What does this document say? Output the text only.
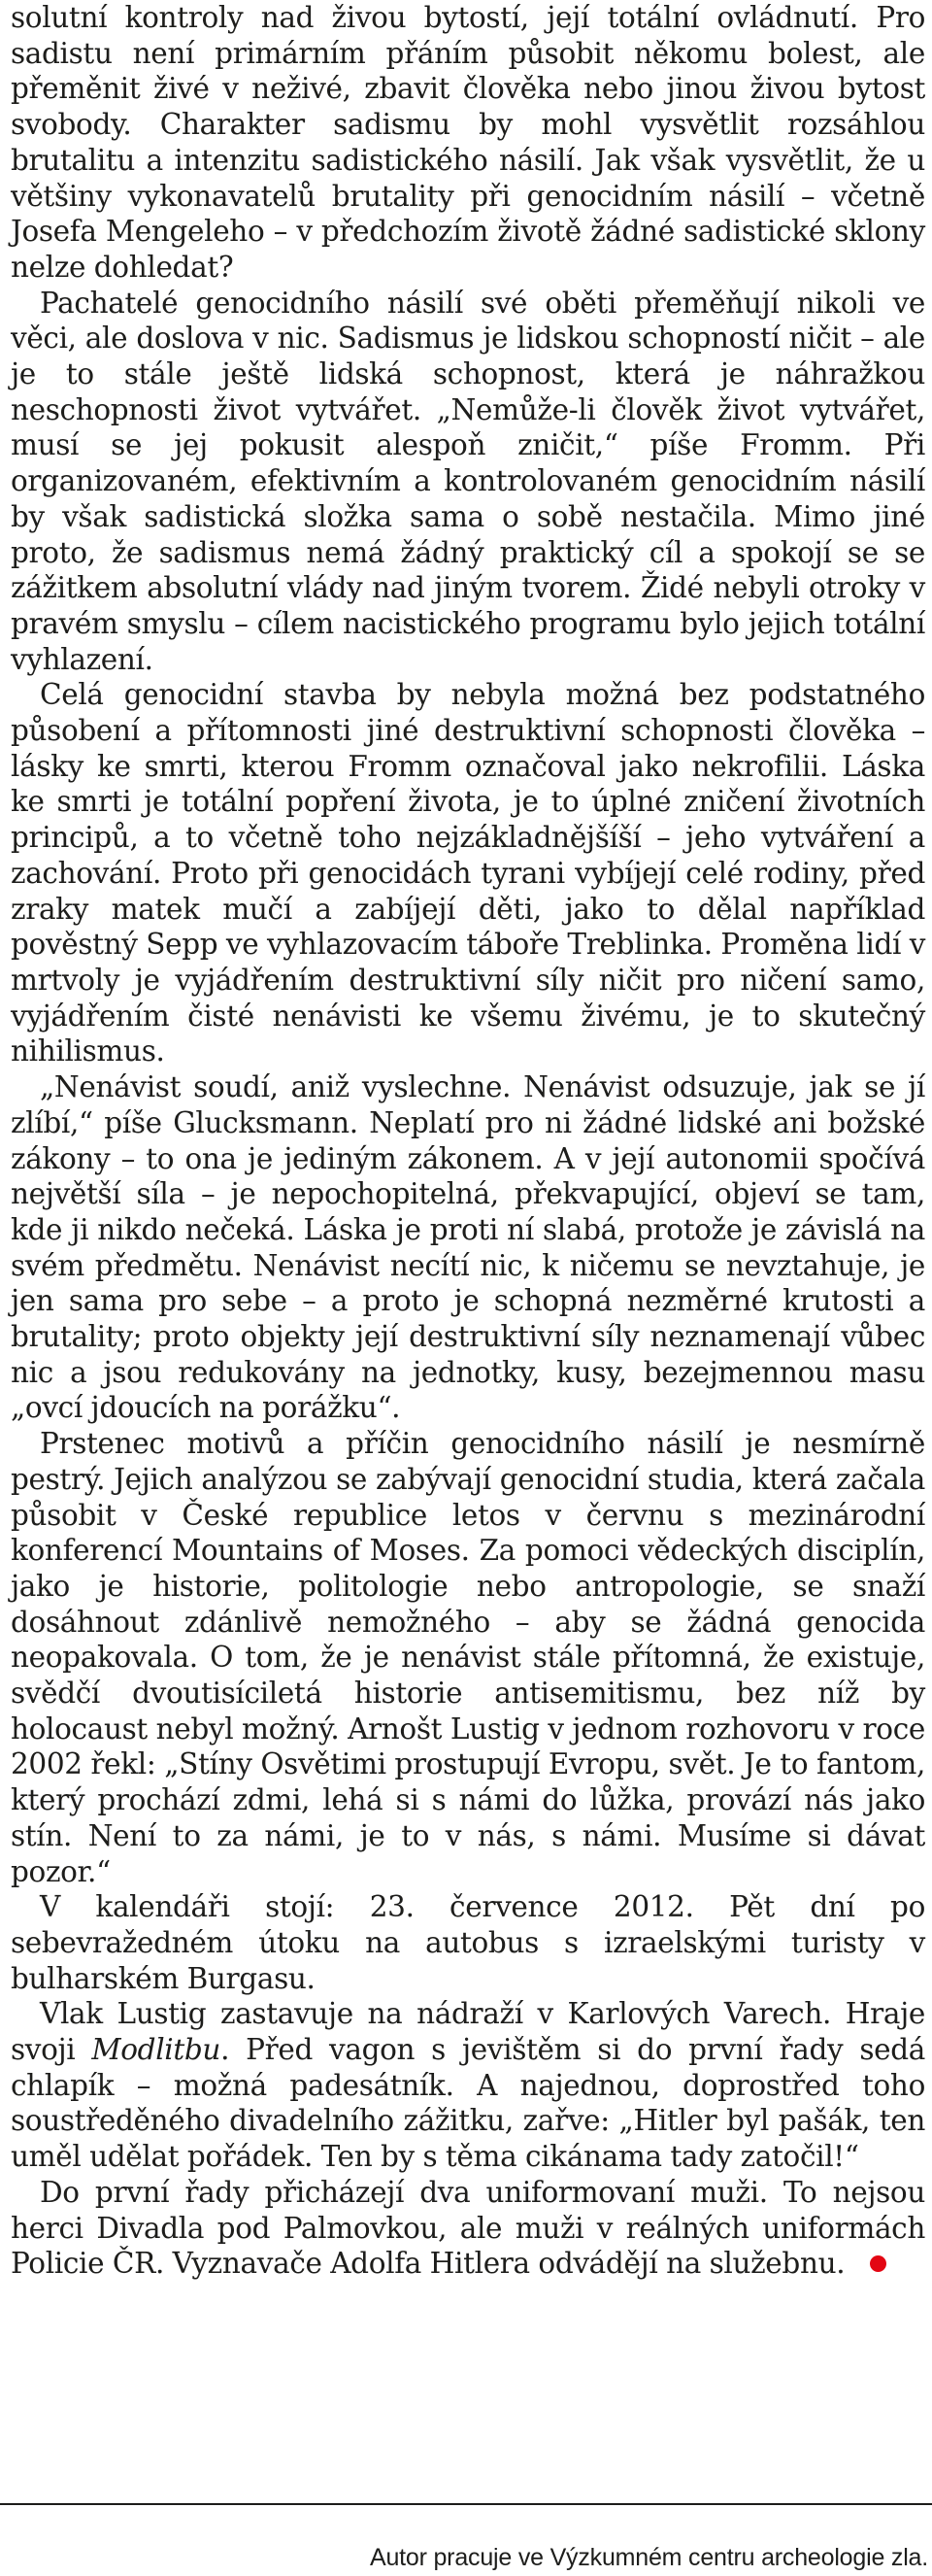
solutní kontroly nad živou bytostí, její totální ovládnutí. Pro sadistu není primárním přáním působit někomu bolest, ale přeměnit živé v neživé, zbavit člověka nebo jinou živou bytost svobody. Charakter sadismu by mohl vysvětlit rozsáhlou brutalitu a intenzitu sadistického násilí. Jak však vysvětlit, že u většiny vykonavatelů brutality při genocidním násilí – včetně Josefa Mengeleho – v předchozím životě žádné sadistické sklony nelze dohledat?

Pachatelé genocidního násilí své oběti přeměňují nikoli ve věci, ale doslova v nic. Sadismus je lidskou schopností ničit – ale je to stále ještě lidská schopnost, která je náhražkou neschopnosti život vytvářet. „Nemůže-li člověk život vytvářet, musí se jej pokusit alespoň zničit,“ píše Fromm. Při organizovaném, efektivním a kontrolovaném genocidním násilí by však sadistická složka sama o sobě nestačila. Mimo jiné proto, že sadismus nemá žádný praktický cíl a spokojí se se zážitkem absolutní vlády nad jiným tvorem. Židé nebyli otroky v pravém smyslu – cílem nacistického programu bylo jejich totální vyhlazení.

Celá genocidní stavba by nebyla možná bez podstatného působení a přítomnosti jiné destruktivní schopnosti člověka – lásky ke smrti, kterou Fromm označoval jako nekrofilii. Láska ke smrti je totální popření života, je to úplné zničení životních principů, a to včetně toho nejzákladnějšíší – jeho vytváření a zachování. Proto při genocidách tyrani vybíjejí celé rodiny, před zraky matek mučí a zabíjejí děti, jako to dělal například pověstný Sepp ve vyhlazovacím táboře Treblinka. Proměna lidí v mrtvoly je vyjádřením destruktivní síly ničit pro ničení samo, vyjádřením čisté nenávisti ke všemu živému, je to skutečný nihilismus.

„Nenávist soudí, aniž vyslechne. Nenávist odsuzuje, jak se jí zlíbí,“ píše Glucksmann. Neplatí pro ni žádné lidské ani božské zákony – to ona je jediným zákonem. A v její autonomii spočívá největší síla – je nepochopitelná, překvapující, objeví se tam, kde ji nikdo nečeká. Láska je proti ní slabá, protože je závislá na svém předmětu. Nenávist necítí nic, k ničemu se nevztahuje, je jen sama pro sebe – a proto je schopná nezměrné krutosti a brutality; proto objekty její destruktivní síly neznamenají vůbec nic a jsou redukovány na jednotky, kusy, bezejmennou masu „ovcí jdoucích na porážku“.

Prstenec motivů a příčin genocidního násilí je nesmírně pestrý. Jejich analýzou se zabývají genocidní studia, která začala působit v České republice letos v červnu s mezinárodní konferencí Mountains of Moses. Za pomoci vědeckých disciplín, jako je historie, politologie nebo antropologie, se snaží dosáhnout zdánlivě nemožného – aby se žádná genocida neopakovala. O tom, že je nenávist stále přítomná, že existuje, svědčí dvoutisíciletá historie antisemitismu, bez níž by holocaust nebyl možný. Arnošt Lustig v jednom rozhovoru v roce 2002 řekl: „Stíny Osvětimi prostupují Evropu, svět. Je to fantom, který prochází zdmi, lehá si s námi do lůžka, provází nás jako stín. Není to za námi, je to v nás, s námi. Musíme si dávat pozor.“

V kalendáři stojí: 23. července 2012. Pět dní po sebevražedném útoku na autobus s izraelskými turisty v bulharském Burgasu.

Vlak Lustig zastavuje na nádraží v Karlových Varech. Hraje svoji Modlitbu. Před vagon s jevištěm si do první řady sedá chlapík – možná padesátník. A najednou, doprostřed toho soustředěného divadelního zážitku, zařve: „Hitler byl pašák, ten uměl udělat pořádek. Ten by s těma cikánama tady zatočil!“

Do první řady přicházejí dva uniformovaní muži. To nejsou herci Divadla pod Palmovkou, ale muži v reálných uniformách Policie ČR. Vyznavače Adolfa Hitlera odvádějí na služebnu.

Autor pracuje ve Výzkumném centru archeologie zla.
